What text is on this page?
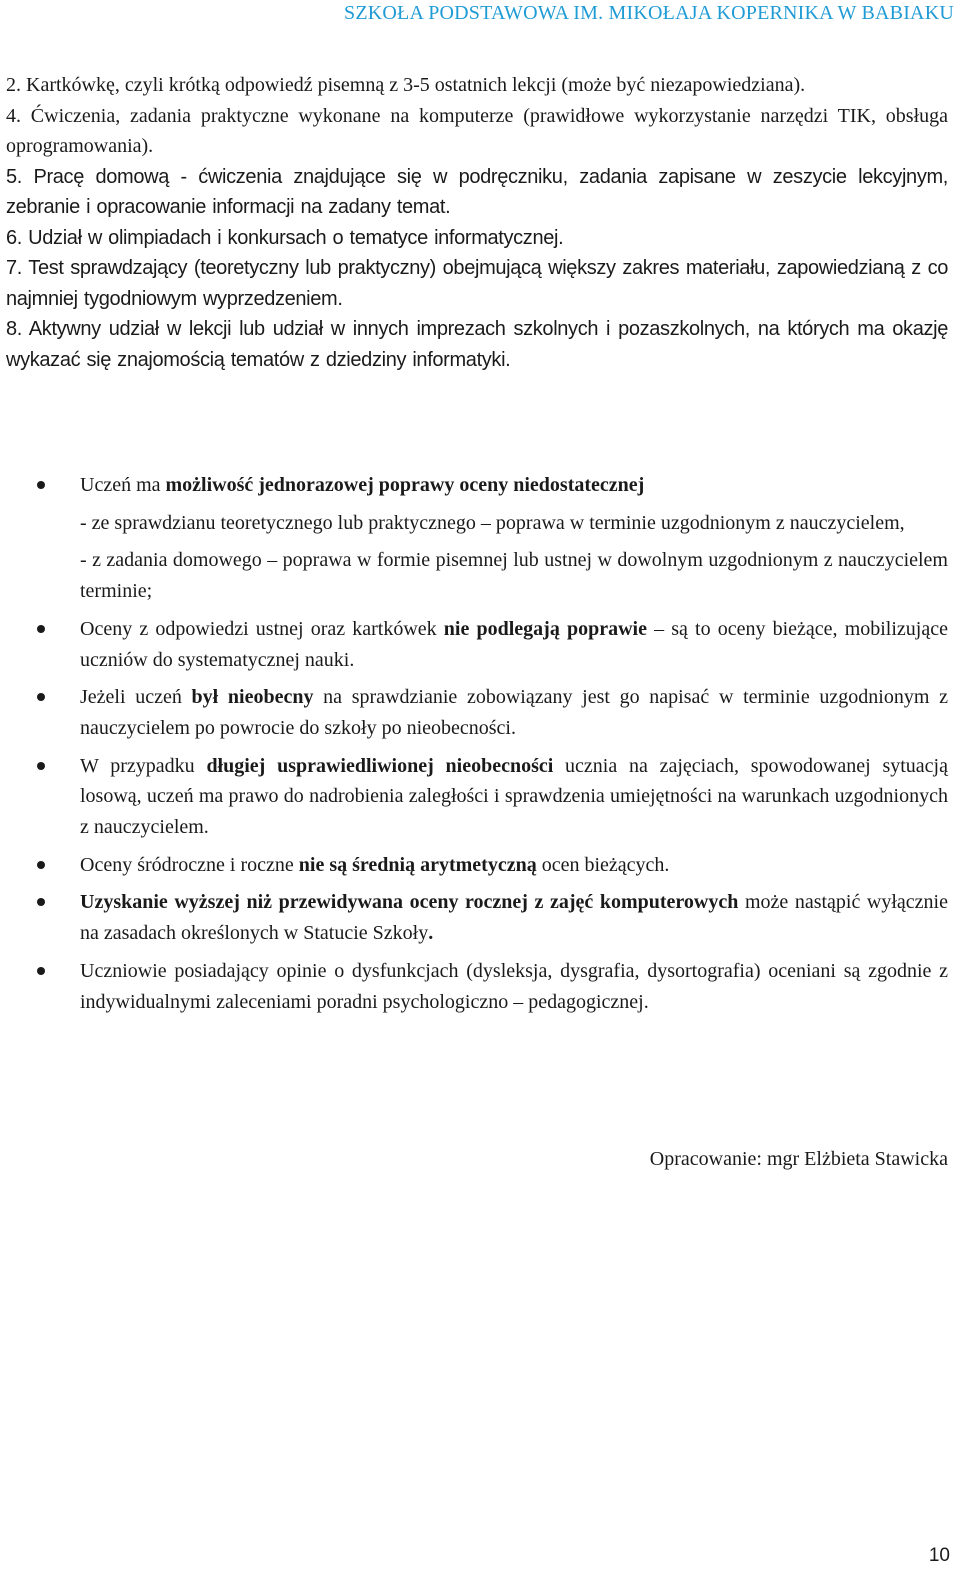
SZKOŁA PODSTAWOWA IM. MIKOŁAJA KOPERNIKA W BABIAKU

2. Kartkówkę, czyli krótką odpowiedź pisemną z 3-5 ostatnich lekcji (może być niezapowiedziana).

4. Ćwiczenia, zadania praktyczne wykonane na komputerze (prawidłowe wykorzystanie narzędzi TIK, obsługa oprogramowania).

5. Pracę domową - ćwiczenia znajdujące się w podręczniku, zadania zapisane w zeszycie lekcyjnym, zebranie i opracowanie informacji na zadany temat.

6. Udział w olimpiadach i konkursach o tematyce informatycznej.

7. Test sprawdzający (teoretyczny lub praktyczny) obejmującą większy zakres materiału, zapowiedzianą z co najmniej tygodniowym wyprzedzeniem.

8. Aktywny udział w lekcji lub udział w innych imprezach szkolnych i pozaszkolnych, na których ma okazję wykazać się znajomością tematów z dziedziny informatyki.

Uczeń ma możliwość jednorazowej poprawy oceny niedostatecznej
- ze sprawdzianu teoretycznego lub praktycznego – poprawa w terminie uzgodnionym z nauczycielem,
- z zadania domowego – poprawa w formie pisemnej lub ustnej w dowolnym uzgodnionym z nauczycielem terminie;
Oceny z odpowiedzi ustnej oraz kartkówek nie podlegają poprawie – są to oceny bieżące, mobilizujące uczniów do systematycznej nauki.
Jeżeli uczeń był nieobecny na sprawdzianie zobowiązany jest go napisać w terminie uzgodnionym z nauczycielem po powrocie do szkoły po nieobecności.
W przypadku długiej usprawiedliwionej nieobecności ucznia na zajęciach, spowodowanej sytuacją losową, uczeń ma prawo do nadrobienia zaległości i sprawdzenia umiejętności na warunkach uzgodnionych z nauczycielem.
Oceny śródroczne i roczne nie są średnią arytmetyczną ocen bieżących.
Uzyskanie wyższej niż przewidywana oceny rocznej z zajęć komputerowych może nastąpić wyłącznie na zasadach określonych w Statucie Szkoły.
Uczniowie posiadający opinie o dysfunkcjach (dysleksja, dysgrafia, dysortografia) oceniani są zgodnie z indywidualnymi zaleceniami poradni psychologiczno – pedagogicznej.
Opracowanie: mgr Elżbieta Stawicka
10
